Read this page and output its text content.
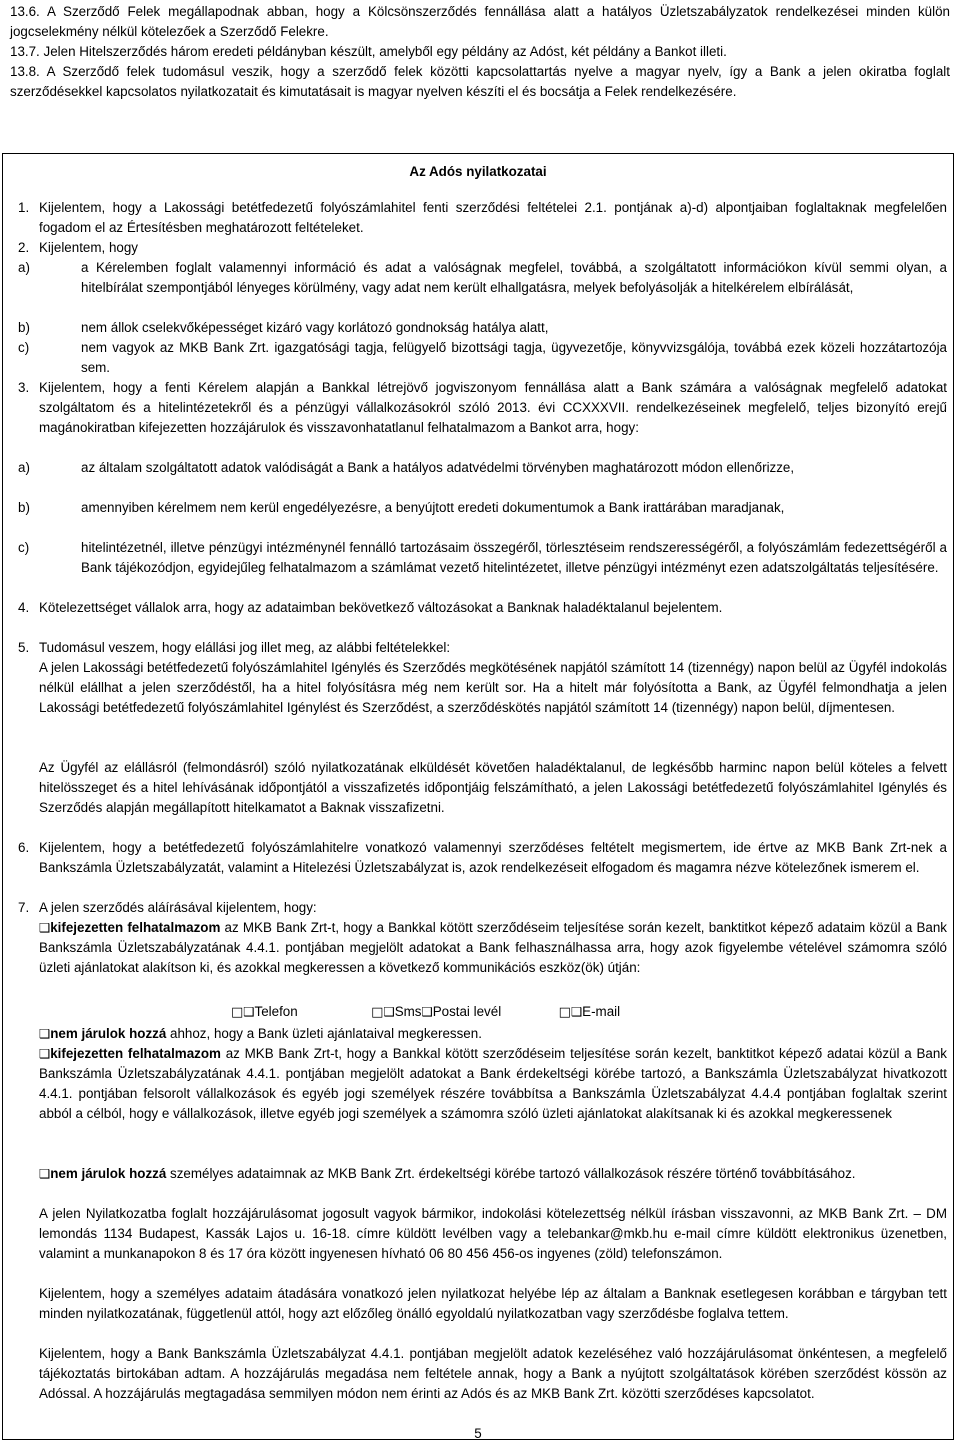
13.6. A Szerződő Felek megállapodnak abban, hogy a Kölcsönszerződés fennállása alatt a hatályos Üzletszabályzatok rendelkezései minden külön jogcselekmény nélkül kötelezőek a Szerződő Felekre.

13.7. Jelen Hitelszerződés három eredeti példányban készült, amelyből egy példány az Adóst, két példány a Bankot illeti.

13.8. A Szerződő felek tudomásul veszik, hogy a szerződő felek közötti kapcsolattartás nyelve a magyar nyelv, így a Bank a jelen okiratba foglalt szerződésekkel kapcsolatos nyilatkozatait és kimutatásait is magyar nyelven készíti el és bocsátja a Felek rendelkezésére.

Az Adós nyilatkozatai
1. Kijelentem, hogy a Lakossági betétfedezetű folyószámlahitel fenti szerződési feltételei 2.1. pontjának a)-d) alpontjaiban foglaltaknak megfelelően fogadom el az Értesítésben meghatározott feltételeket.
2. Kijelentem, hogy
a)	a Kérelemben foglalt valamennyi információ és adat a valóságnak megfelel, továbbá, a szolgáltatott információkon kívül semmi olyan, a hitelbírálat szempontjából lényeges körülmény, vagy adat nem került elhallgatásra, melyek befolyásolják a hitelkérelem elbírálását,
b)	nem állok cselekvőképességet kizáró vagy korlátozó gondnokság hatálya alatt,
c)	nem vagyok az MKB Bank Zrt. igazgatósági tagja, felügyelő bizottsági tagja, ügyvezetője, könyvvizsgálója, továbbá ezek közeli hozzátartozója sem.
3. Kijelentem, hogy a fenti Kérelem alapján a Bankkal létrejövő jogviszonyom fennállása alatt a Bank számára a valóságnak megfelelő adatokat szolgáltatom és a hitelintézetekről és a pénzügyi vállalkozásokról szóló 2013. évi CCXXXVII. rendelkezéseinek megfelelő, teljes bizonyító erejű magánokiratban kifejezetten hozzájárulok és visszavonhatatlanul felhatalmazom a Bankot arra, hogy:
a)	az általam szolgáltatott adatok valódiságát a Bank a hatályos adatvédelmi törvényben maghatározott módon ellenőrizze,
b)	amennyiben kérelmem nem kerül engedélyezésre, a benyújtott eredeti dokumentumok a Bank irattárában maradjanak,
c)	hitelintézetnél, illetve pénzügyi intézménynél fennálló tartozásaim összegéről, törlesztéseim rendszerességéről, a folyószámlám fedezettségéről a Bank tájékozódjon, egyidejűleg felhatalmazom a számlámat vezető hitelintézetet, illetve pénzügyi intézményt ezen adatszolgáltatás teljesítésére.
4. Kötelezettséget vállalok arra, hogy az adataimban bekövetkező változásokat a Banknak haladéktalanul bejelentem.
5. Tudomásul veszem, hogy elállási jog illet meg, az alábbi feltételekkel:
A jelen Lakossági betétfedezetű folyószámlahitel Igénylés és Szerződés megkötésének napjától számított 14 (tizennégy) napon belül az Ügyfél indokolás nélkül elállhat a jelen szerződéstől, ha a hitel folyósításra még nem került sor. Ha a hitelt már folyósította a Bank, az Ügyfél felmondhatja a jelen Lakossági betétfedezetű folyószámlahitel Igénylést és Szerződést, a szerződéskötés napjától számított 14 (tizennégy) napon belül, díjmentesen.
Az Ügyfél az elállásról (felmondásról) szóló nyilatkozatának elküldését követően haladéktalanul, de legkésőbb harminc napon belül köteles a felvett hitelösszeget és a hitel lehívásának időpontjától a visszafizetés időpontjáig felszámítható, a jelen Lakossági betétfedezetű folyószámlahitel Igénylés és Szerződés alapján megállapított hitelkamatot a Baknak visszafizetni.
6. Kijelentem, hogy a betétfedezetű folyószámlahitelre vonatkozó valamennyi szerződéses feltételt megismertem, ide értve az MKB Bank Zrt-nek a Bankszámla Üzletszabályzatát, valamint a Hitelezési Üzletszabályzat is, azok rendelkezéseit elfogadom és magamra nézve kötelezőnek ismerem el.
7. A jelen szerződés aláírásával kijelentem, hogy:
❑kifejezetten felhatalmazom az MKB Bank Zrt-t, hogy a Bankkal kötött szerződéseim teljesítése során kezelt, banktitkot képező adataim közül a Bank Bankszámla Üzletszabályzatának 4.4.1. pontjában megjelölt adatokat a Bank felhasználhassa arra, hogy azok figyelembe vételével számomra szóló üzleti ajánlatokat alakítson ki, és azokkal megkeressen a következő kommunikációs eszköz(ök) útján:
□❑Telefon	□❑Sms❑Postai levél	□❑E-mail
❑nem járulok hozzá ahhoz, hogy a Bank üzleti ajánlataival megkeressen.
❑kifejezetten felhatalmazom az MKB Bank Zrt-t, hogy a Bankkal kötött szerződéseim teljesítése során kezelt, banktitkot képező adatai közül a Bank Bankszámla Üzletszabályzatának 4.4.1. pontjában megjelölt adatokat a Bank érdekeltségi körébe tartozó, a Bankszámla Üzletszabályzat hivatkozott 4.4.1. pontjában felsorolt vállalkozások és egyéb jogi személyek részére továbbítsa a Bankszámla Üzletszabályzat 4.4.4 pontjában foglaltak szerint abból a célból, hogy e vállalkozások, illetve egyéb jogi személyek a számomra szóló üzleti ajánlatokat alakítsanak ki és azokkal megkeressenek
❑nem járulok hozzá személyes adataimnak az MKB Bank Zrt. érdekeltségi körébe tartozó vállalkozások részére történő továbbításához.
A jelen Nyilatkozatba foglalt hozzájárulásomat jogosult vagyok bármikor, indokolási kötelezettség nélkül írásban visszavonni, az MKB Bank Zrt. – DM lemondás 1134 Budapest, Kassák Lajos u. 16-18. címre küldött levélben vagy a telebankar@mkb.hu e-mail címre küldött elektronikus üzenetben, valamint a munkanapokon 8 és 17 óra között ingyenesen hívható 06 80 456 456-os ingyenes (zöld) telefonszámon.
Kijelentem, hogy a személyes adataim átadására vonatkozó jelen nyilatkozat helyébe lép az általam a Banknak esetlegesen korábban e tárgyban tett minden nyilatkozatának, függetlenül attól, hogy azt előzőleg önálló egyoldalú nyilatkozatban vagy szerződésbe foglalva tettem.
Kijelentem, hogy a Bank Bankszámla Üzletszabályzat 4.4.1. pontjában megjelölt adatok kezeléséhez való hozzájárulásomat önkéntesen, a megfelelő tájékoztatás birtokában adtam. A hozzájárulás megadása nem feltétele annak, hogy a Bank a nyújtott szolgáltatások körében szerződést kössön az Adóssal. A hozzájárulás megtagadása semmilyen módon nem érinti az Adós és az MKB Bank Zrt. közötti szerződéses kapcsolatot.
5
